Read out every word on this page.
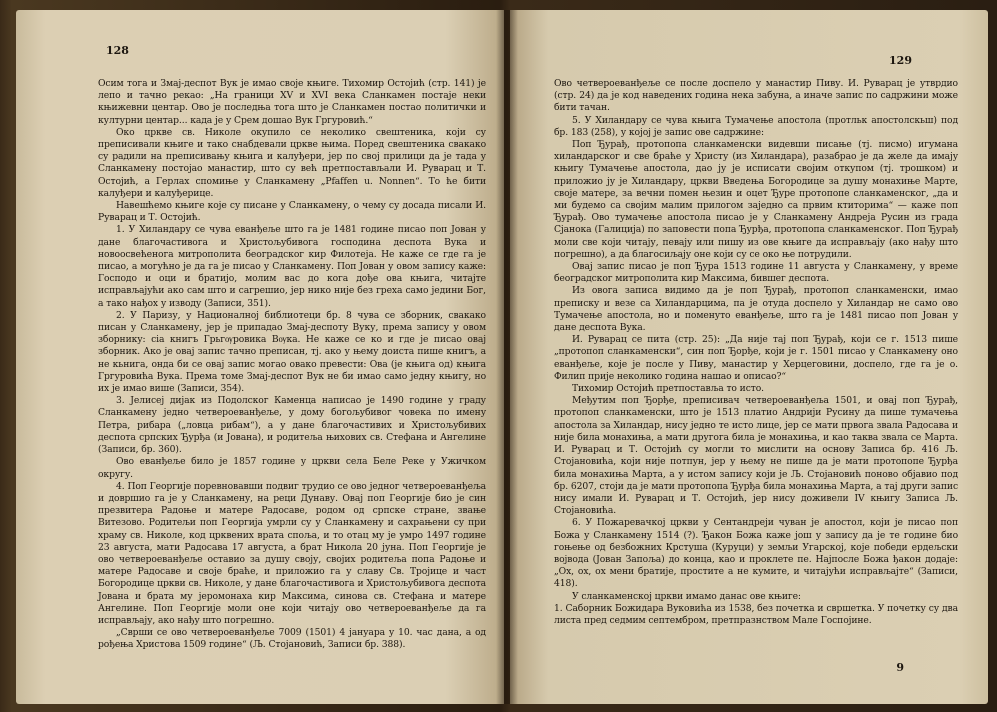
128

Осим тога и Змај-деспот Вук је имао своје књиге. Тихомир Остојић (стр. 141) је лепо и тачно рекао: „На граници XV и XVI века Сланкамен постаје неки књижевни центар. Ово је последња тога што је Сланкамен постао политички и културни центар... када је у Срем дошао Вук Гргуровић.“

Око цркве св. Николе окупило се неколико свештеника, који су преписивали књиге и тако снабдевали цркве њима. Поред свештеника свакако су радили на преписивању књига и калуђери, јер по свој прилици да је тада у Сланкамену постојао манастир, што су већ претпостављали И. Руварац и Т. Остојић, а Герлах спомиње у Сланкамену „Pfaffen u. Nonnen“. То ће бити калуђери и калуђерице.

Навешћемо књиге које су писане у Сланкамену, о чему су досада писали И. Руварац и Т. Остојић.

1. У Хиландару се чува еванђеље што га је 1481 године писао поп Јован у дане благочастивога и Христољубивога господина деспота Вука и новоосвећенога митрополита београдског кир Филотеја. Не каже се где га је писао, а могућно је да га је писао у Сланкамену. Поп Јован у овом запису каже: Господо и оци и братијо, молим вас до кога дође ова књига, читајте исправљајући ако сам што и сагрешио, јер нико није без греха само једини Бог, а тако нађох у изводу (Записи, 351).

2. У Паризу, у Националној библиотеци бр. 8 чува се зборник, свакако писан у Сланкамену, јер је припадао Змај-деспоту Вуку, према запису у овом зборнику: сіа книгъ Грьгѹровика Вѹка. Не каже се ко и где је писао овај зборник. Ако је овај запис тачно преписан, тј. ако у њему доиста пише книгъ, а не кьнига, онда би се овај запис могао овако превести: Ова (је књига од) књига Гргуровића Вука. Према томе Змај-деспот Вук не би имао само једну књигу, но их је имао више (Записи, 354).

3. Јелисеј дијак из Подолског Каменца написао је 1490 године у граду Сланкамену једно четвероеванђеље, у дому богољубивог човека по имену Петра, рибара („ловца рибам“), а у дане благочастивих и Христољубивих деспота српских Ђурђа (и Јована), и родитеља њихових св. Стефана и Ангелине (Записи, бр. 360).

Ово еванђеље било је 1857 године у цркви села Беле Реке у Ужичком округу.

4. Поп Георгије поревновавши подвиг трудио се ово једног четвероеванђеља и довршио га је у Сланкамену, на реци Дунаву. Овај поп Георгије био је син презвитера Радоње и матере Радосаве, родом од српске стране, звање Витезово. Родитељи поп Георгија умрли су у Сланкамену и сахрањени су при храму св. Николе, код црквених врата споља, и то отац му је умро 1497 године 23 августа, мати Радосава 17 августа, а брат Никола 20 јуна. Поп Георгије је ово четвероеванђеље оставио за душу своју, својих родитеља попа Радоње и матере Радосаве и своје браће, и приложио га у славу Св. Тројице и част Богородице цркви св. Николе, у дане благочастивога и Христољубивога деспота Јована и брата му јеромонаха кир Максима, синова св. Стефана и матере Ангелине. Поп Георгије моли оне који читају ово четвероеванђеље да га исправљају, ако нађу што погрешно.

„Сврши се ово четвероеванђеље 7009 (1501) 4 јануара у 10. час дана, а од рођења Христова 1509 године“ (Љ. Стојановић, Записи бр. 388).

129

Ово четвероеванђеље се после доспело у манастир Пиву. И. Руварац је утврдио (стр. 24) да је код наведених година нека забуна, а иначе запис по садржини може бити тачан.

5. У Хиландару се чува књига Тумачење апостола (протльк апостолскьш) под бр. 183 (258), у којој је запис ове садржине:

Поп Ђурађ, протопопа сланкаменски видевши писање (тј. писмо) игумана хиландарског и све браће у Христу (из Хиландара), разабрао је да желе да имају књигу Тумачење апостола, дао ју је исписати својим откупом (тј. трошком) и приложио ју је Хиландару, цркви Введења Богородице за душу монахиње Марте, своје матере, за вечни помен њезин и оцет Ђуре протопопе сланкаменског, „да и ми будемо са својим малим прилогом заједно са првим ктиторима“ — каже поп Ђурађ. Ово тумачење апостола писао је у Сланкамену Андреја Русин из града Сјанока (Галиција) по заповести попа Ђурђа, протопопа сланкаменског. Поп Ђурађ моли све који читају, певају или пишу из ове књиге да исправљају (ако нађу што погрешно), а да благосиљају оне који су се око ње потрудили.

Овај запис писао је поп Ђура 1513 године 11 августа у Сланкамену, у време београдског митрополита кир Максима, бившег деспота.

Из овога записа видимо да је поп Ђурађ, протопоп сланкаменски, имао преписку и везе са Хиландарцима, па је отуда доспело у Хиландар не само ово Тумачење апостола, но и поменуто еванђеље, што га је 1481 писао поп Јован у дане деспота Вука.

И. Руварац се пита (стр. 25): „Да није тај поп Ђурађ, који се г. 1513 пише „протопоп сланкаменски“, син поп Ђорђе, који је г. 1501 писао у Сланкамену оно еванђеље, које је после у Пиву, манастир у Херцеговини, доспело, где га је о. Филип прије неколико година нашао и описао?“

Тихомир Остојић претпоставља то исто.

Међутим поп Ђорђе, преписивач четвероеванђеља 1501, и овај поп Ђурађ, протопоп сланкаменски, што је 1513 платио Андрији Русину да пише тумачења апостола за Хиландар, нису једно те исто лице, јер се мати првога звала Радосава и није била монахиња, а мати другога била је монахиња, и као таква звала се Марта. И. Руварац и Т. Остојић су могли то мислити на основу Записа бр. 416 Љ. Стојановића, који није потпун, јер у њему не пише да је мати протопопе Ђурђа била монахиња Марта, а у истом запису који је Љ. Стојановић поново објавио под бр. 6207, стоји да је мати протопопа Ђурђа била монахиња Марта, а тај други запис нису имали И. Руварац и Т. Остојић, јер нису доживели IV књигу Записа Љ. Стојановића.

6. У Пожаревачкој цркви у Сентандреји чуван је апостол, који је писао поп Божа у Сланкамену 1514 (?). Ђакон Божа каже још у запису да је те године био гоњење од безбожних Крстуша (Куруци) у земљи Угарској, које победи ердељски војвода (Јован Запоља) до конца, као и проклете пе. Најпосле Божа ђакон додаје: „Ох, ох, ох мени братије, простите а не кумите, и читајући исправљајте“ (Записи, 418).

У сланкаменској цркви имамо данас ове књиге:

1. Саборник Божидара Вуковића из 1538, без почетка и свршетка. У почетку су два листа пред седмим септембром, претпразнством Мале Госпојине.

9
